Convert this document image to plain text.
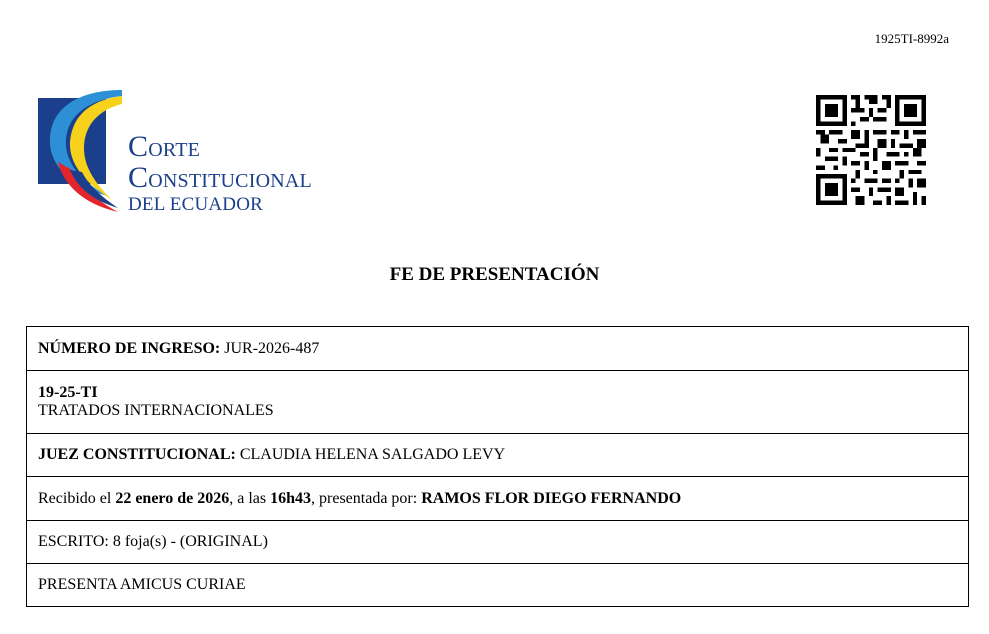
1925TI-8992a
CORTE
CONSTITUCIONAL
DEL ECUADOR
FE DE PRESENTACIÓN
NÚMERO DE INGRESO: JUR-2026-487
19-25-TI
TRATADOS INTERNACIONALES
JUEZ CONSTITUCIONAL: CLAUDIA HELENA SALGADO LEVY
Recibido el 22 enero de 2026, a las 16h43, presentada por: RAMOS FLOR DIEGO FERNANDO
ESCRITO: 8 foja(s) - (ORIGINAL)
PRESENTA AMICUS CURIAE
